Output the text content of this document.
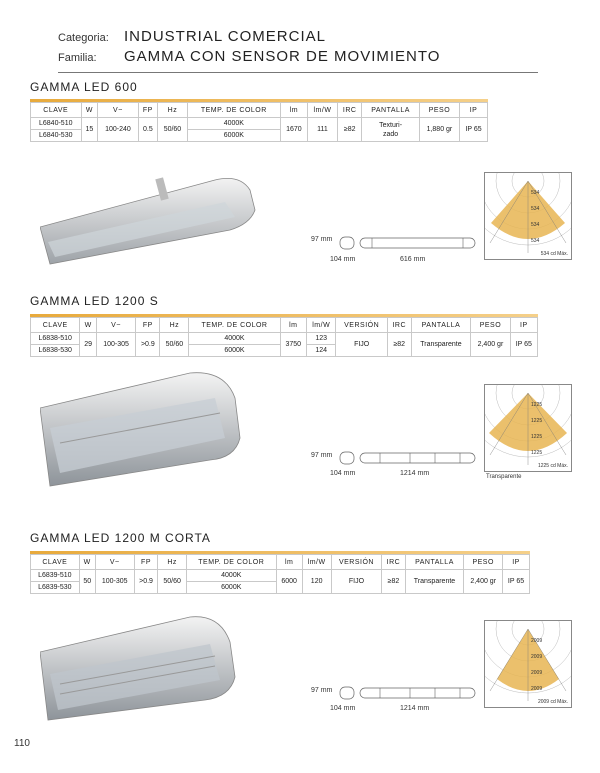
Categoria:	INDUSTRIAL COMERCIAL
Familia:	GAMMA CON SENSOR DE MOVIMIENTO
GAMMA LED 600
CLAVE	W	V~	FP	Hz	TEMP. DE COLOR	lm	lm/W	IRC	PANTALLA	PESO	IP
L6840-510	15	100-240	0.5	50/60	4000K	1670	111	≥82	Texturi-
zado	1,880 gr	IP 65
L6840-530					6000K						
97 mm
104 mm	616 mm
534
534
534
534
534 cd Máx.
GAMMA LED 1200 S
CLAVE	W	V~	FP	Hz	TEMP. DE COLOR	lm	lm/W	VERSIÓN	IRC	PANTALLA	PESO	IP
L6838-510	29	100-305	>0.9	50/60	4000K	3750	123	FIJO	≥82	Transparente	2,400 gr	IP 65
L6838-530					6000K		124					
97 mm
104 mm	1214 mm
1225
1225
1225
1225
1225 cd Máx.
Transparente
GAMMA LED 1200 M CORTA
CLAVE	W	V~	FP	Hz	TEMP. DE COLOR	lm	lm/W	VERSIÓN	IRC	PANTALLA	PESO	IP
L6839-510	50	100-305	>0.9	50/60	4000K	6000	120	FIJO	≥82	Transparente	2,400 gr	IP 65
L6839-530					6000K							
97 mm
104 mm	1214 mm
2009
2009
2009
2009
2009 cd Máx.
110
